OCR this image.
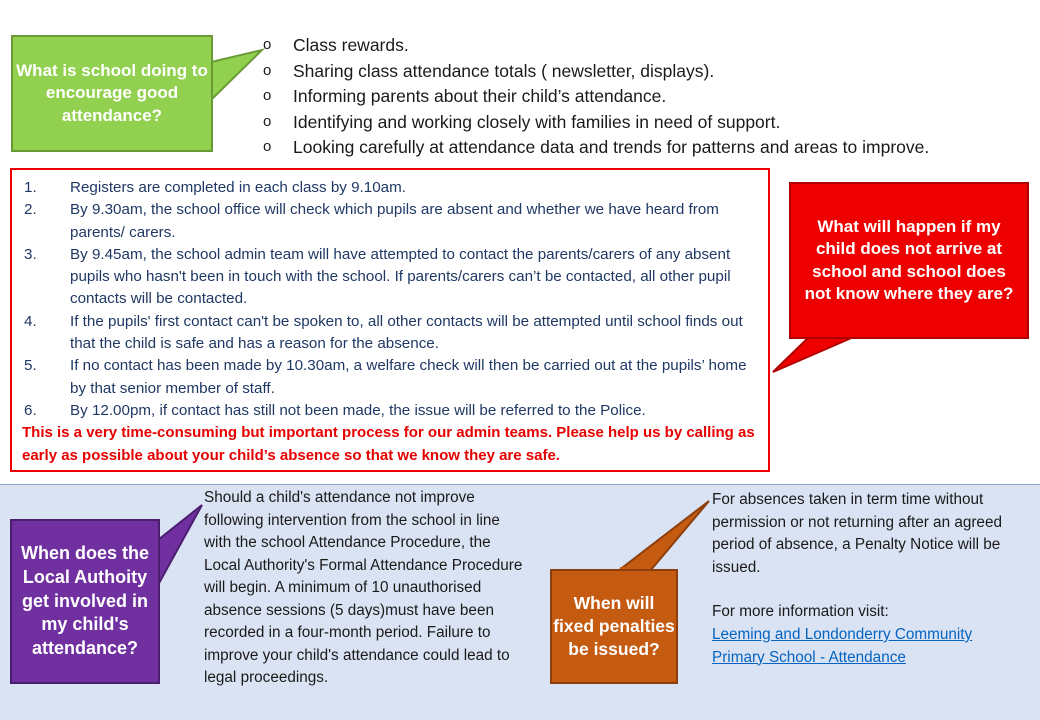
What is school doing to encourage good attendance?
o Class rewards.
o Sharing class attendance totals ( newsletter, displays).
o Informing parents about their child’s attendance.
o Identifying and working closely with families in need of support.
o Looking carefully at attendance data and trends for patterns and areas to improve.
1.	Registers are completed in each class by 9.10am.
2.	By 9.30am, the school office will check which pupils are absent and whether we have heard from parents/ carers.
3.	By 9.45am, the school admin team will have attempted to contact the parents/carers of any absent pupils who hasn't been in touch with the school. If parents/carers can’t be contacted, all other pupil contacts will be contacted.
4.	If the pupils' first contact can't be spoken to, all other contacts will be attempted until school finds out that the child is safe and has a reason for the absence.
5.	If no contact has been made by 10.30am, a welfare check will then be carried out at the pupils’ home by that senior member of staff.
6.	By 12.00pm, if contact has still not been made, the issue will be referred to the Police.
This is a very time-consuming but important process for our admin teams. Please help us by calling as early as possible about your child’s absence so that we know they are safe.
What will happen if my child does not arrive at school and school does not know where they are?
When does the Local Authoity get involved in my child's attendance?
Should a child's attendance not improve following intervention from the school in line with the school Attendance Procedure, the Local Authority's Formal Attendance Procedure will begin. A minimum of 10 unauthorised absence sessions (5 days)must have been recorded in a four-month period. Failure to improve your child's attendance could lead to legal proceedings.
When will fixed penalties be issued?
For absences taken in term time without permission or not returning after an agreed period of absence, a Penalty Notice will be issued.
For more information visit:
Leeming and Londonderry Community Primary School - Attendance
